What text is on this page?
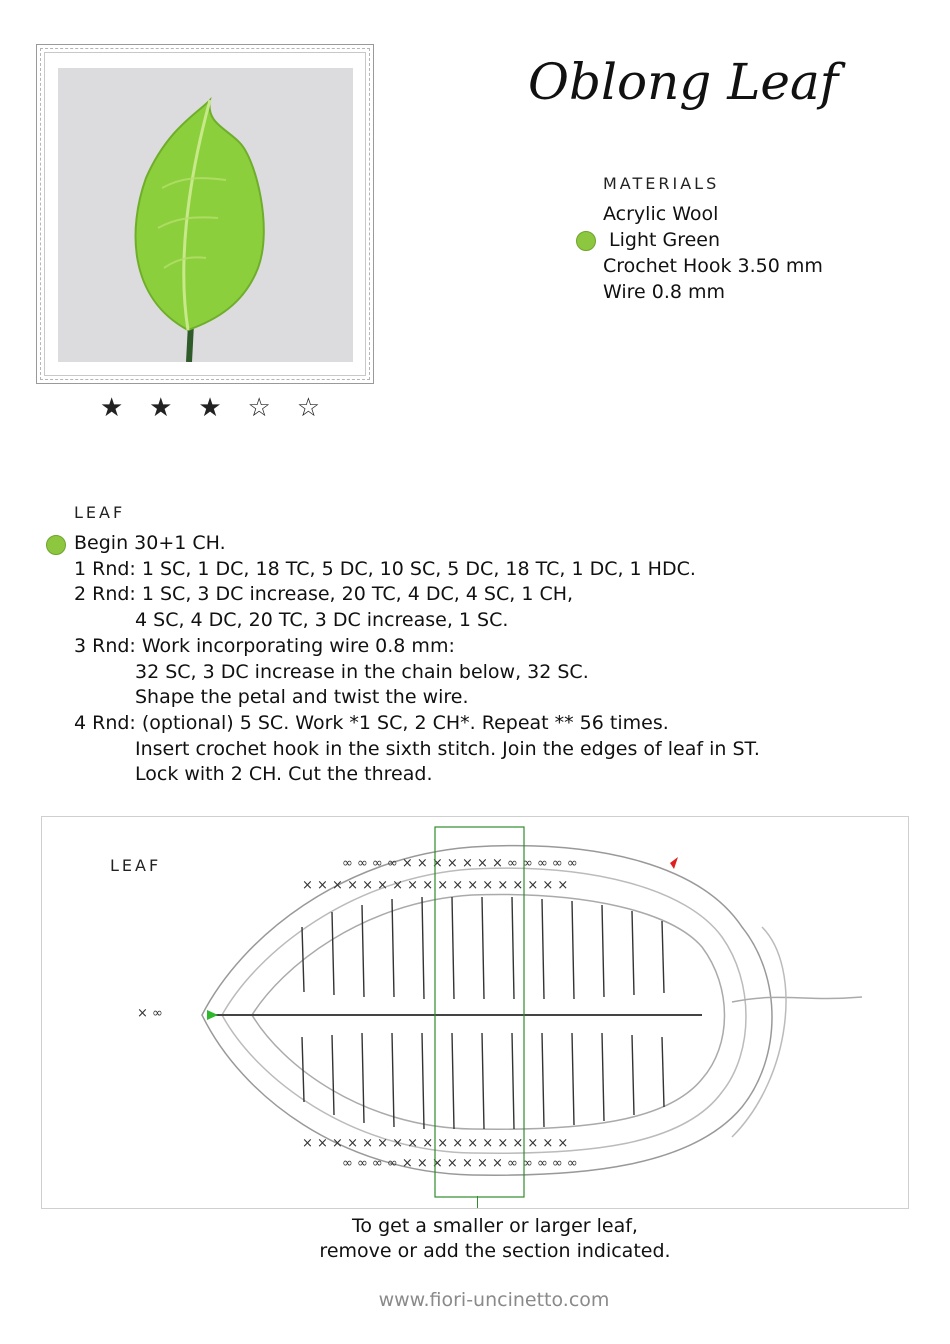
★ ★ ★ ☆ ☆
Oblong Leaf
MATERIALS
Acrylic Wool
Light Green
Crochet Hook 3.50 mm
Wire 0.8 mm
LEAF
Begin 30+1 CH.
1 Rnd: 1 SC, 1 DC, 18 TC, 5 DC, 10 SC, 5 DC, 18 TC, 1 DC, 1 HDC.
2 Rnd: 1 SC, 3 DC increase, 20 TC, 4 DC, 4 SC, 1 CH,
4 SC, 4 DC, 20 TC, 3 DC increase, 1 SC.
3 Rnd: Work incorporating wire 0.8 mm:
32 SC, 3 DC increase in the chain below, 32 SC.
Shape the petal and twist the wire.
4 Rnd: (optional) 5 SC. Work *1 SC, 2 CH*. Repeat ** 56 times.
Insert crochet hook in the sixth stitch. Join the edges of leaf in ST.
Lock with 2 CH. Cut the thread.
∞ ∞ ∞ ∞ × × × × × × × ∞ ∞ ∞ ∞ ∞
× × × × × × × × × × × × × × × × × ×
∞ ∞ ∞ ∞ × × × × × × × ∞ ∞ ∞ ∞ ∞
× × × × × × × × × × × × × × × × × ×
× ∞
LEAF
To get a smaller or larger leaf,
remove or add the section indicated.
www.fiori-uncinetto.com
